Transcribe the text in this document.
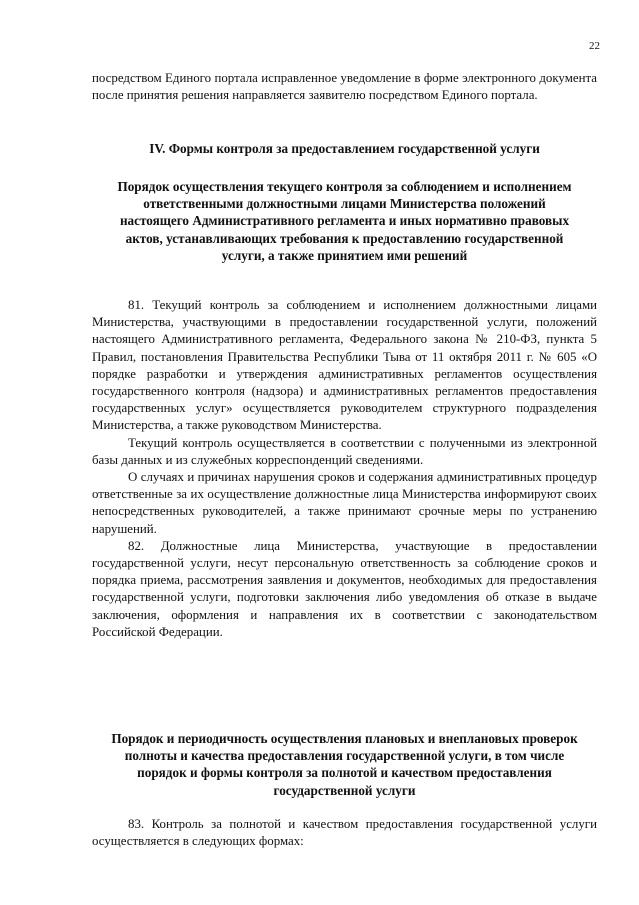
22

посредством Единого портала исправленное уведомление в форме электронного документа после принятия решения направляется заявителю посредством Единого портала.

IV. Формы контроля за предоставлением государственной услуги
Порядок осуществления текущего контроля за соблюдением и исполнением ответственными должностными лицами Министерства положений настоящего Административного регламента и иных нормативно правовых актов, устанавливающих требования к предоставлению государственной услуги, а также принятием ими решений

81. Текущий контроль за соблюдением и исполнением должностными лицами Министерства, участвующими в предоставлении государственной услуги, положений настоящего Административного регламента, Федерального закона № 210-ФЗ, пункта 5 Правил, постановления Правительства Республики Тыва от 11 октября 2011 г. № 605 «О порядке разработки и утверждения административных регламентов осуществления государственного контроля (надзора) и административных регламентов предоставления государственных услуг» осуществляется руководителем структурного подразделения Министерства, а также руководством Министерства.

Текущий контроль осуществляется в соответствии с полученными из электронной базы данных и из служебных корреспонденций сведениями.

О случаях и причинах нарушения сроков и содержания административных процедур ответственные за их осуществление должностные лица Министерства информируют своих непосредственных руководителей, а также принимают срочные меры по устранению нарушений.

82. Должностные лица Министерства, участвующие в предоставлении государственной услуги, несут персональную ответственность за соблюдение сроков и порядка приема, рассмотрения заявления и документов, необходимых для предоставления государственной услуги, подготовки заключения либо уведомления об отказе в выдаче заключения, оформления и направления их в соответствии с законодательством Российской Федерации.

Порядок и периодичность осуществления плановых и внеплановых проверок полноты и качества предоставления государственной услуги, в том числе порядок и формы контроля за полнотой и качеством предоставления государственной услуги

83. Контроль за полнотой и качеством предоставления государственной услуги осуществляется в следующих формах:
